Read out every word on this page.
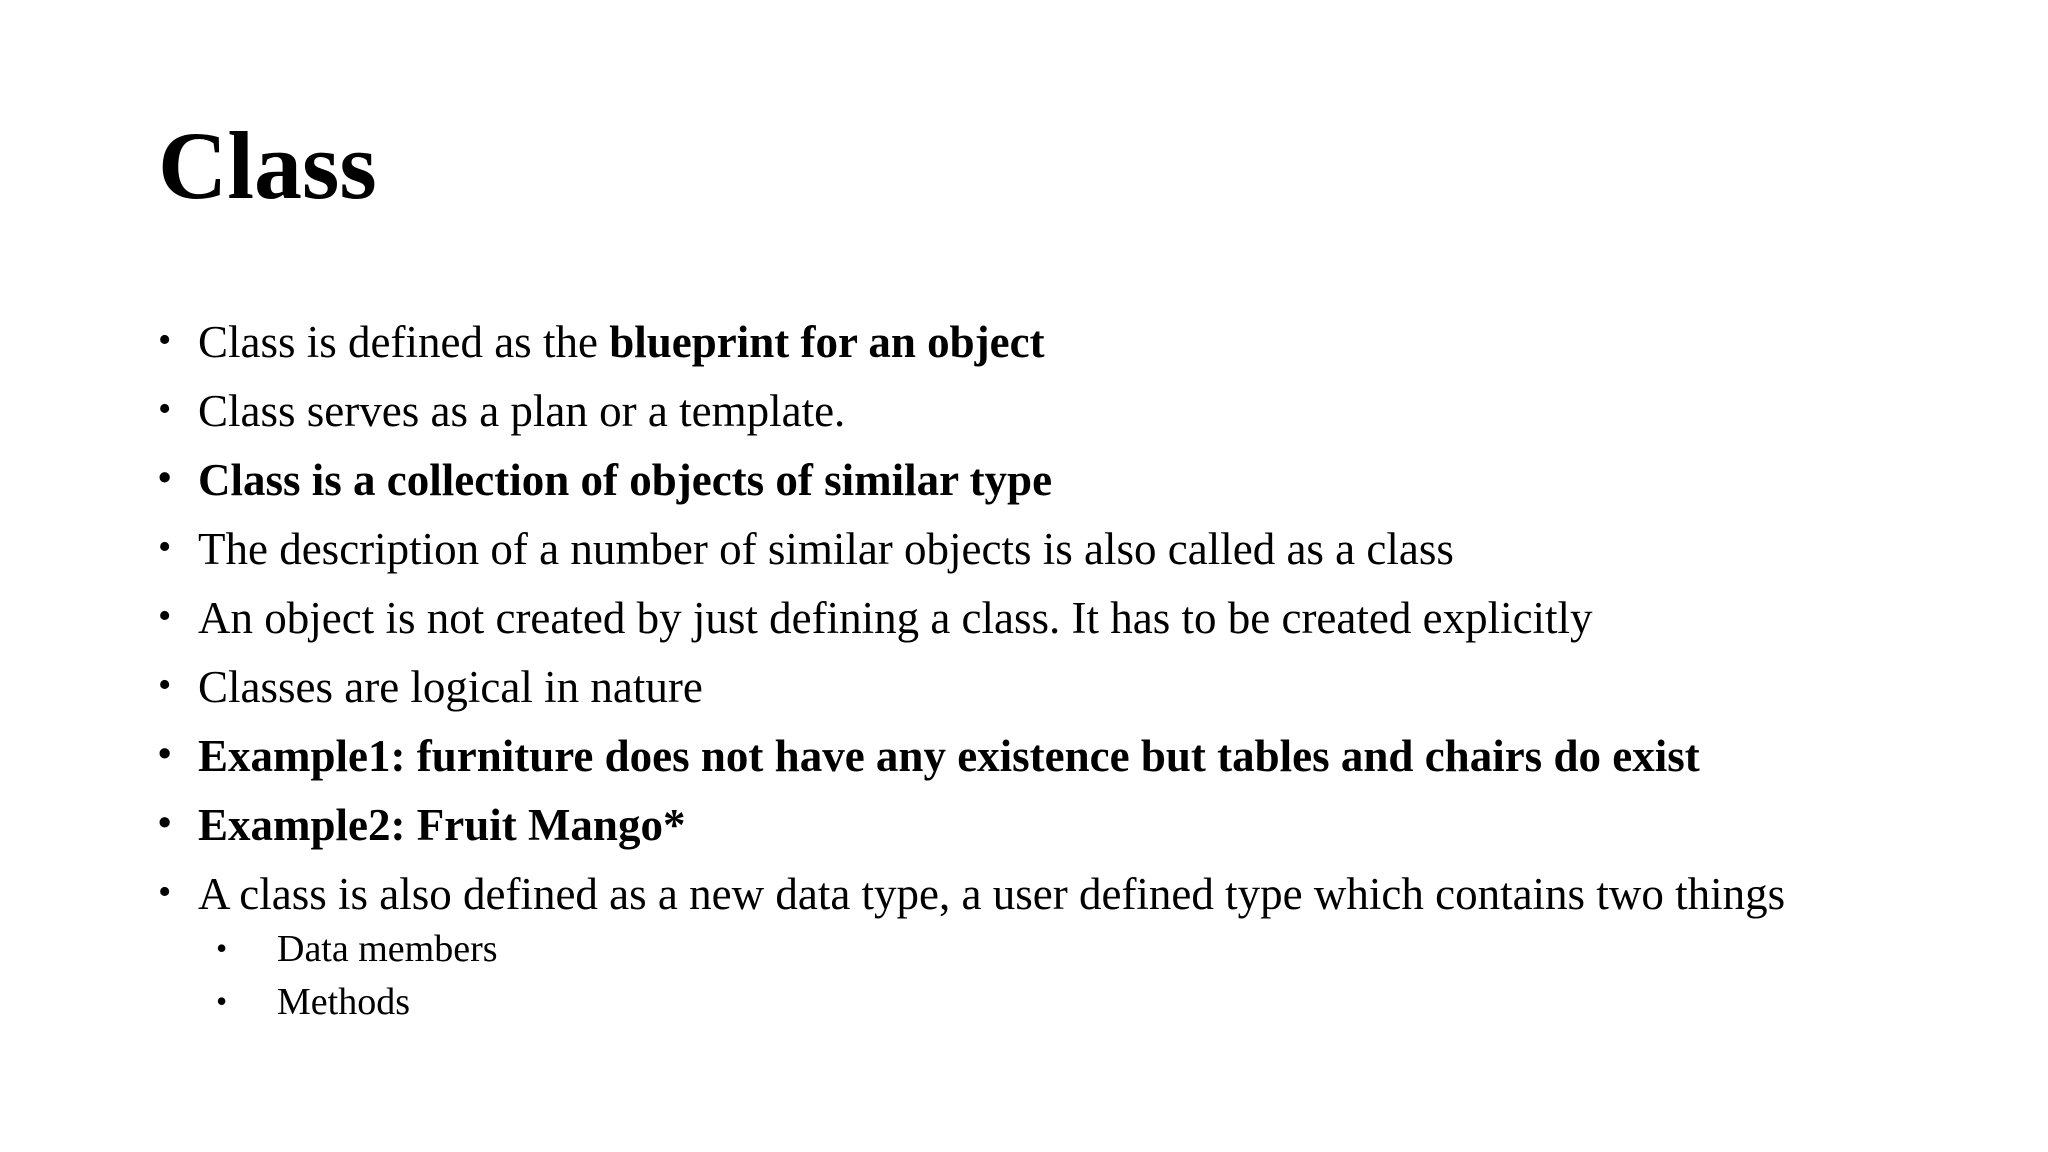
Class
• Class is defined as the blueprint for an object
• Class serves as a plan or a template.
• Class is a collection of objects of similar type
• The description of a number of similar objects is also called as a class
• An object is not created by just defining a class. It has to be created explicitly
• Classes are logical in nature
• Example1: furniture does not have any existence but tables and chairs do exist
• Example2: Fruit Mango*
• A class is also defined as a new data type, a user defined type which contains two things
• Data members
• Methods
